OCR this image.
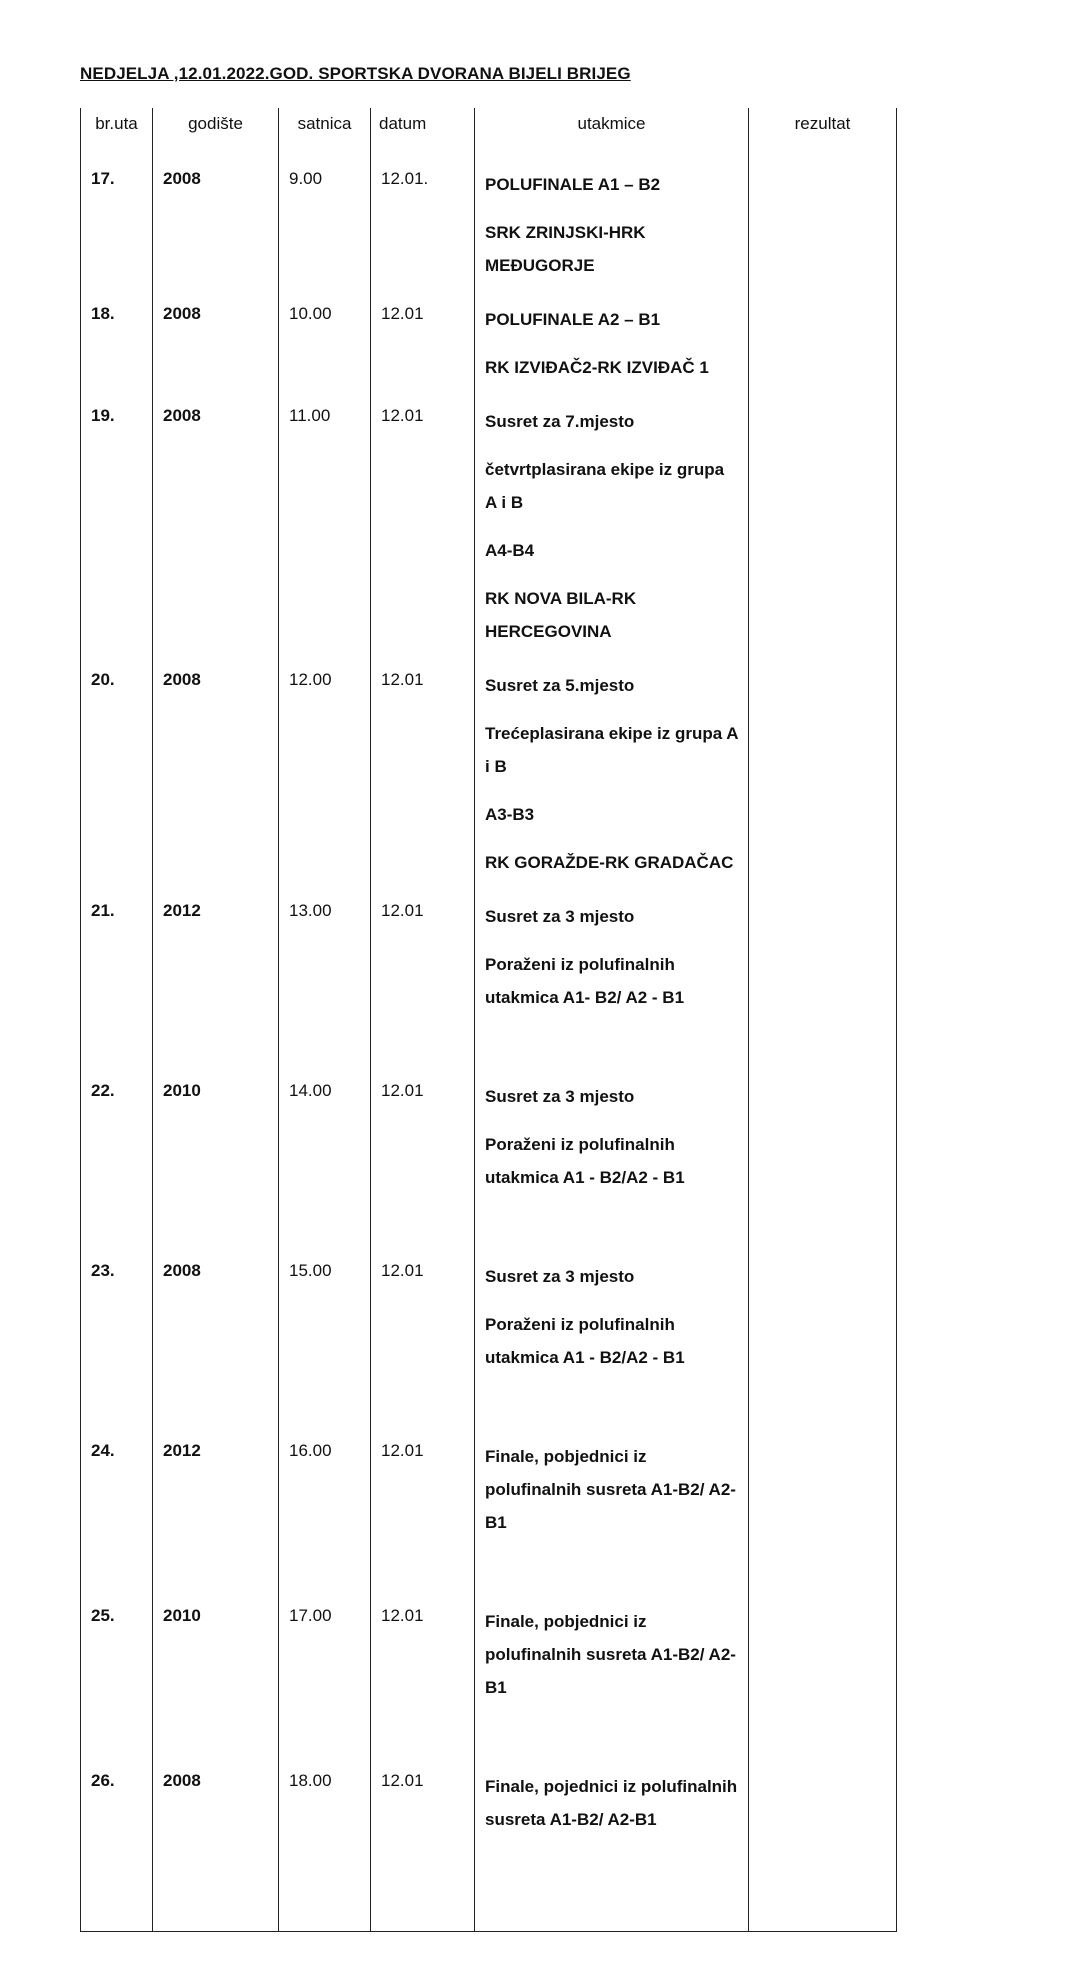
NEDJELJA ,12.01.2022.GOD. SPORTSKA DVORANA BIJELI BRIJEG
br.uta	godište	satnica	datum	utakmice	rezultat
17.	2008	9.00	12.01.	POLUFINALE A1 – B2

SRK ZRINJSKI-HRK MEĐUGORJE	

18.	2008	10.00	12.01	POLUFINALE A2 – B1

RK IZVIĐAČ2-RK IZVIĐAČ 1	

19.	2008	11.00	12.01	Susret za 7.mjesto

četvrtplasirana ekipe iz grupa A i B

A4-B4

RK NOVA BILA-RK HERCEGOVINA	

20.	2008	12.00	12.01	Susret za 5.mjesto

Trećeplasirana ekipe iz grupa A i B

A3-B3

RK GORAŽDE-RK GRADAČAC	

21.	2012	13.00	12.01	Susret za 3 mjesto

Poraženi iz polufinalnih utakmica A1- B2/ A2 - B1	

22.	2010	14.00	12.01	Susret za 3 mjesto

Poraženi iz polufinalnih utakmica A1 - B2/A2 - B1	

23.	2008	15.00	12.01	Susret za 3 mjesto

Poraženi iz polufinalnih utakmica A1 - B2/A2 - B1	

24.	2012	16.00	12.01	Finale, pobjednici iz polufinalnih susreta A1-B2/ A2-B1	

25.	2010	17.00	12.01	Finale, pobjednici iz polufinalnih susreta A1-B2/ A2-B1	

26.	2008	18.00	12.01	Finale, pojednici iz polufinalnih susreta A1-B2/ A2-B1	
